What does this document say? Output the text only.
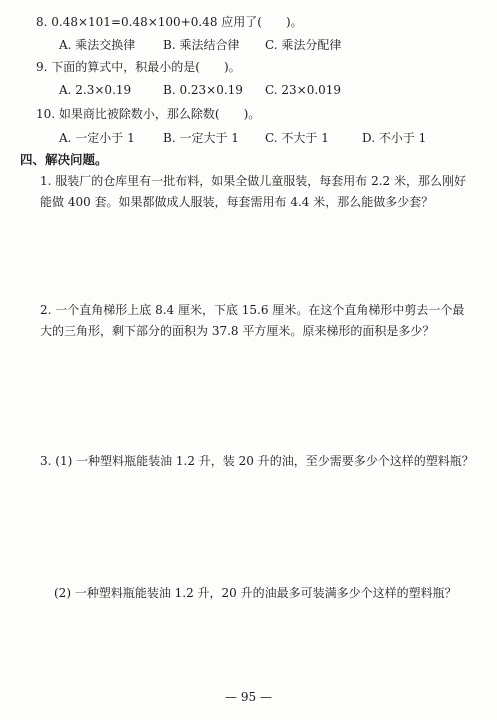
8. 0.48×101=0.48×100+0.48 应用了(　　)。
A. 乘法交换律 B. 乘法结合律 C. 乘法分配律
9. 下面的算式中，积最小的是(　　)。
A. 2.3×0.19	B. 0.23×0.19 C. 23×0.019
10. 如果商比被除数小，那么除数(　　)。
A. 一定小于 1 B. 一定大于 1 C. 不大于 1	D. 不小于 1
四、解决问题。
1. 服装厂的仓库里有一批布料，如果全做儿童服装，每套用布 2.2 米，那么刚好能做 400 套。如果都做成人服装，每套需用布 4.4 米，那么能做多少套？
2. 一个直角梯形上底 8.4 厘米，下底 15.6 厘米。在这个直角梯形中剪去一个最大的三角形，剩下部分的面积为 37.8 平方厘米。原来梯形的面积是多少？
3. (1) 一种塑料瓶能装油 1.2 升，装 20 升的油，至少需要多少个这样的塑料瓶？
(2) 一种塑料瓶能装油 1.2 升，20 升的油最多可装满多少个这样的塑料瓶？
— 95 —
